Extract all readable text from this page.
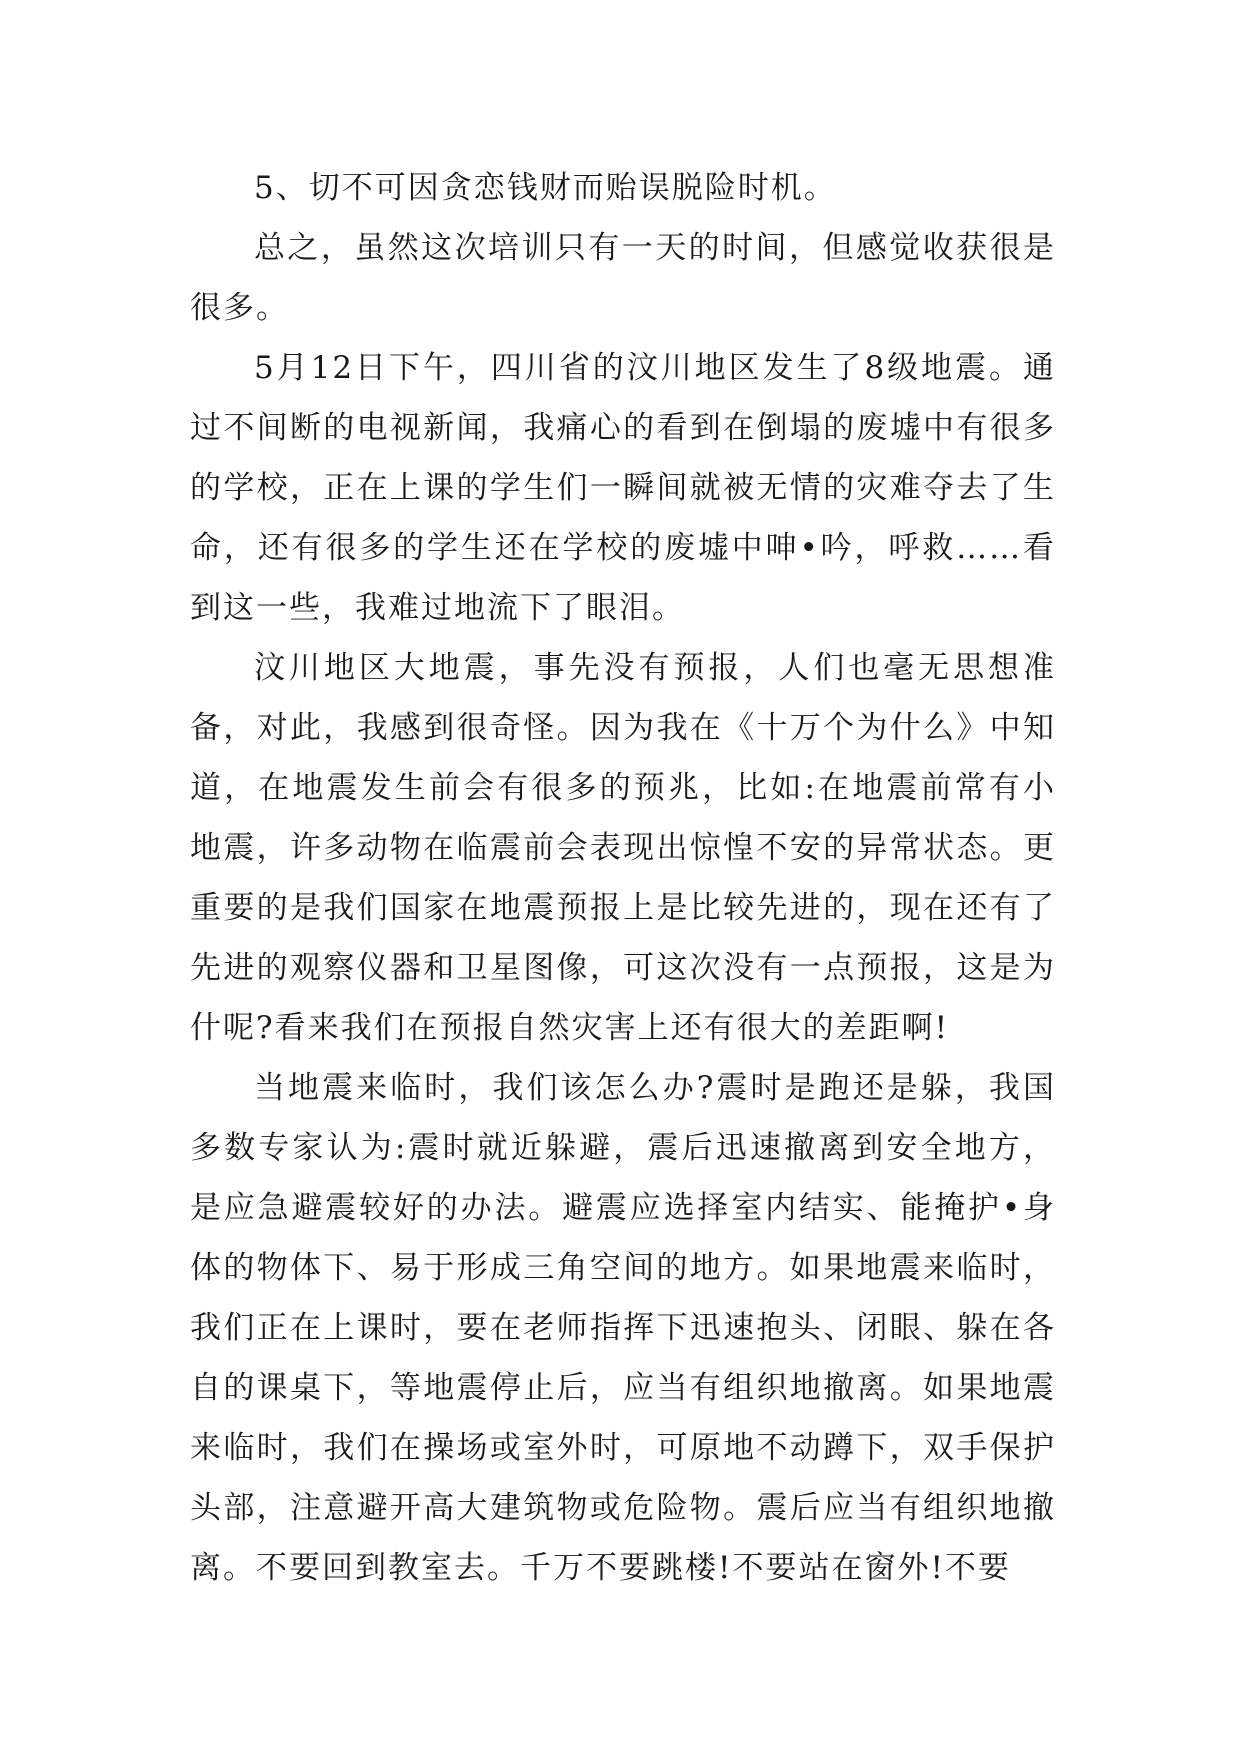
5、切不可因贪恋钱财而贻误脱险时机。

总之，虽然这次培训只有一天的时间，但感觉收获很是很多。

5月12日下午，四川省的汶川地区发生了8级地震。通过不间断的电视新闻，我痛心的看到在倒塌的废墟中有很多的学校，正在上课的学生们一瞬间就被无情的灾难夺去了生命，还有很多的学生还在学校的废墟中呻•吟，呼救……看到这一些，我难过地流下了眼泪。

汶川地区大地震，事先没有预报，人们也毫无思想准备，对此，我感到很奇怪。因为我在《十万个为什么》中知道，在地震发生前会有很多的预兆，比如:在地震前常有小地震，许多动物在临震前会表现出惊惶不安的异常状态。更重要的是我们国家在地震预报上是比较先进的，现在还有了先进的观察仪器和卫星图像，可这次没有一点预报，这是为什呢?看来我们在预报自然灾害上还有很大的差距啊!

当地震来临时，我们该怎么办?震时是跑还是躲，我国多数专家认为:震时就近躲避，震后迅速撤离到安全地方，是应急避震较好的办法。避震应选择室内结实、能掩护•身体的物体下、易于形成三角空间的地方。如果地震来临时，我们正在上课时，要在老师指挥下迅速抱头、闭眼、躲在各自的课桌下，等地震停止后，应当有组织地撤离。如果地震来临时，我们在操场或室外时，可原地不动蹲下，双手保护头部，注意避开高大建筑物或危险物。震后应当有组织地撤离。不要回到教室去。千万不要跳楼!不要站在窗外!不要
